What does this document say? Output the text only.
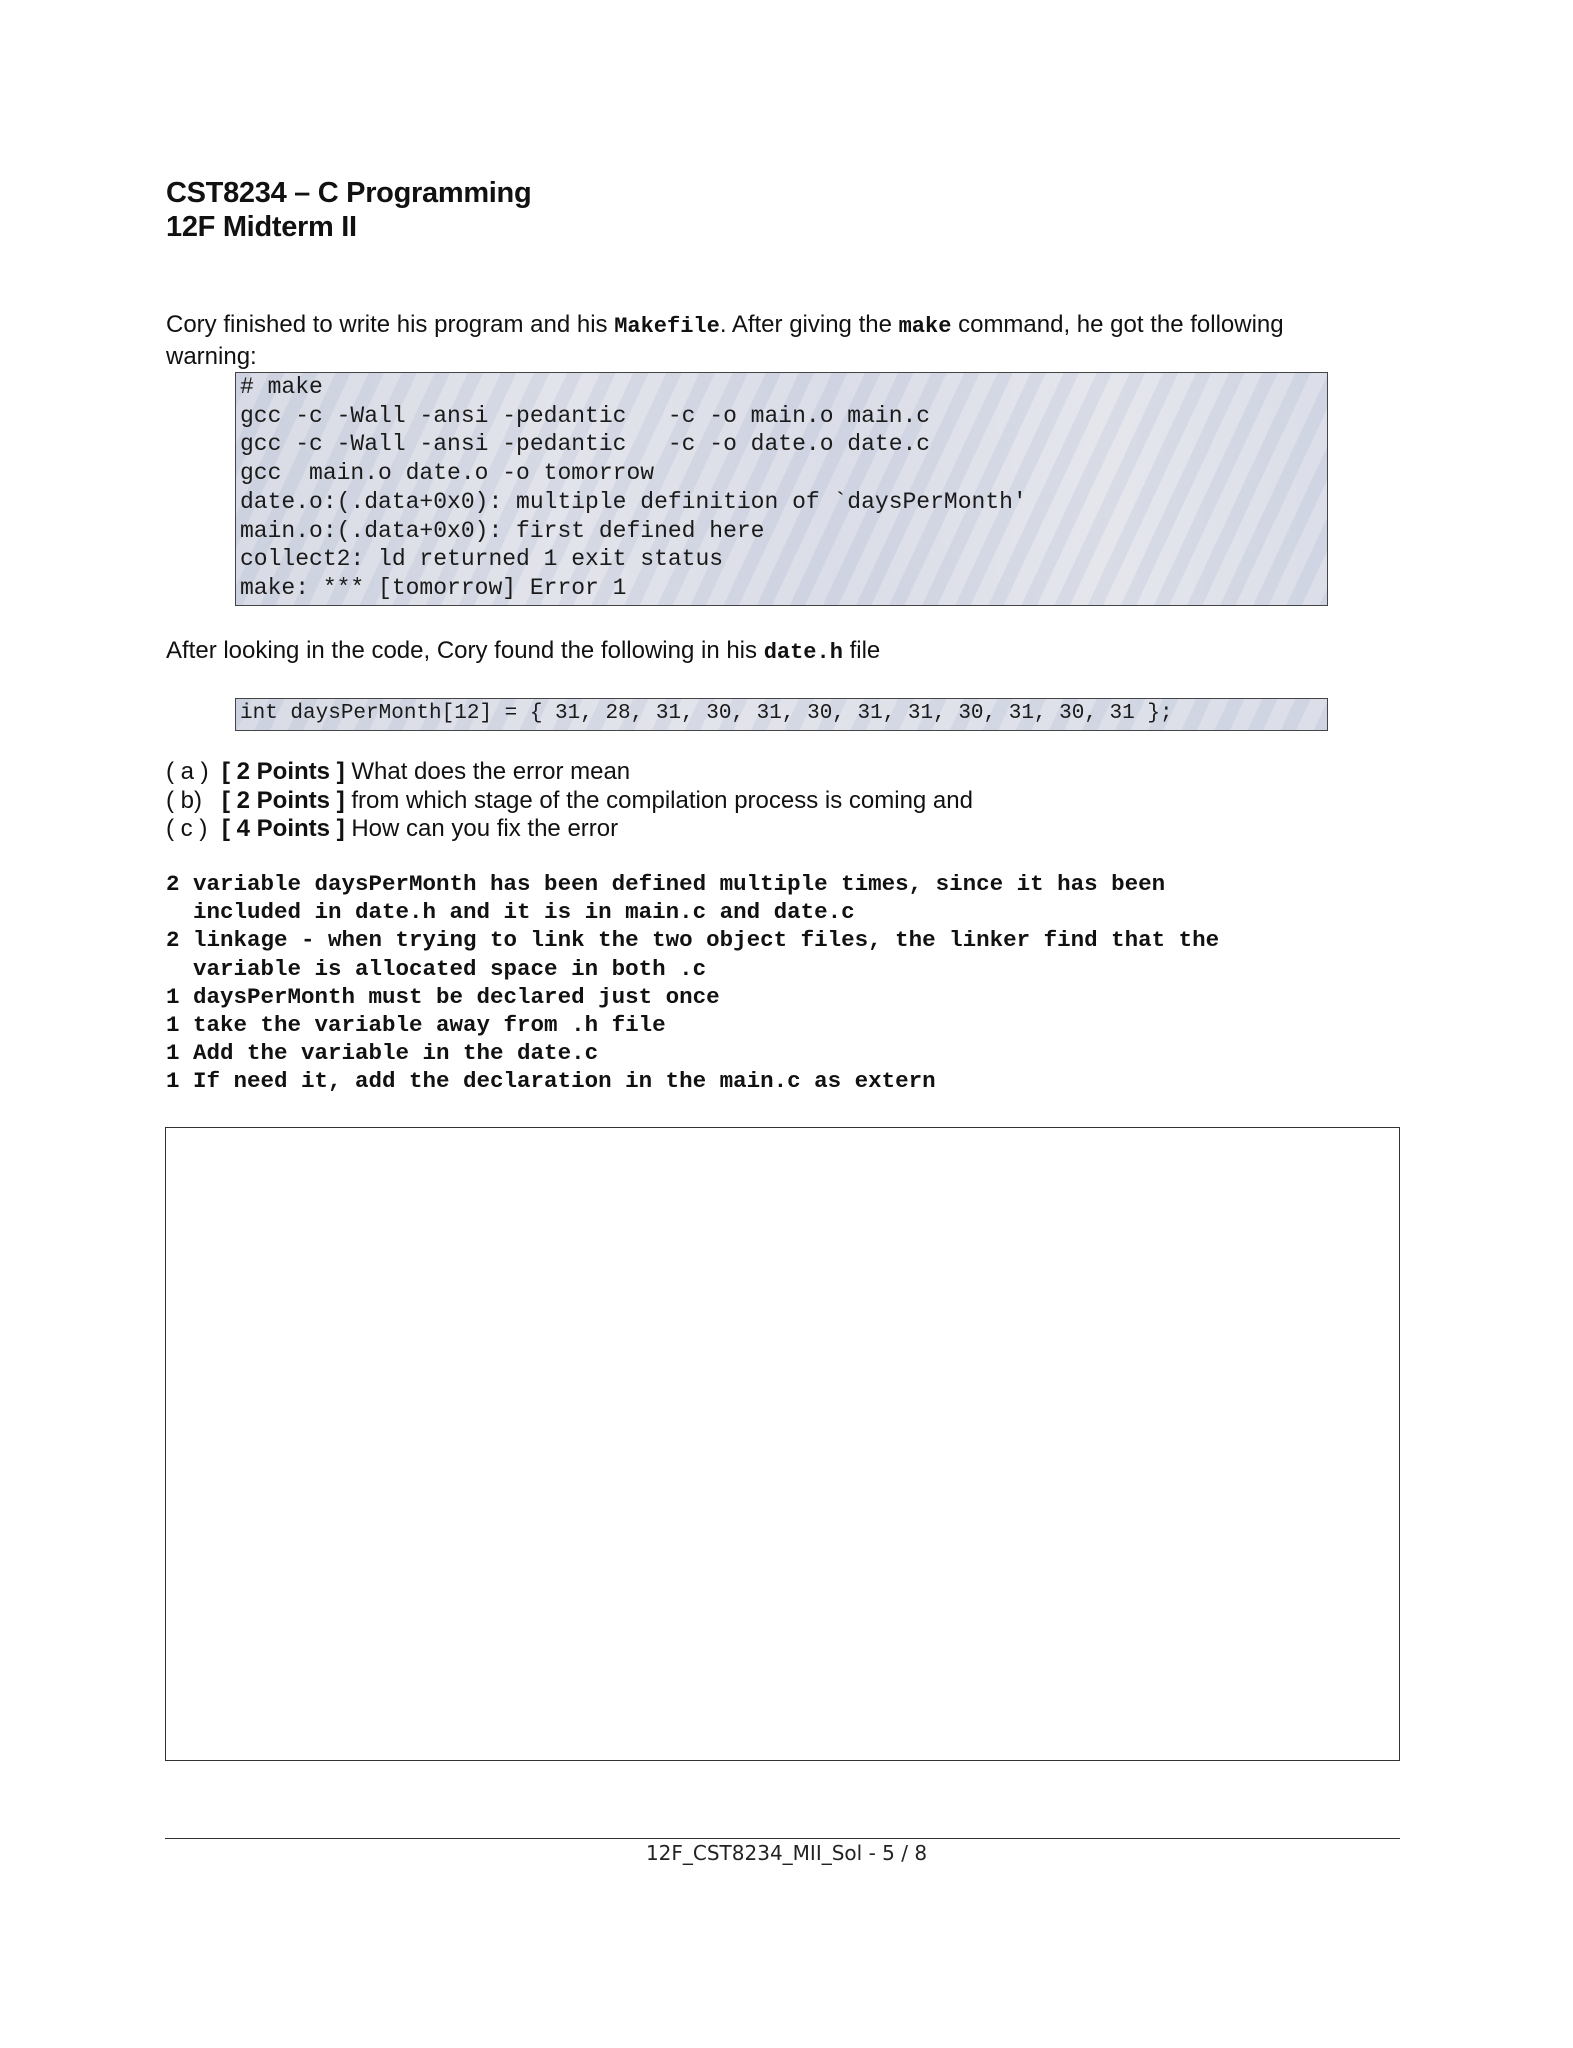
CST8234 – C Programming
12F Midterm II
Cory finished to write his program and his Makefile. After giving the make command, he got the following warning:
# make
gcc -c -Wall -ansi -pedantic   -c -o main.o main.c
gcc -c -Wall -ansi -pedantic   -c -o date.o date.c
gcc  main.o date.o -o tomorrow
date.o:(.data+0x0): multiple definition of `daysPerMonth'
main.o:(.data+0x0): first defined here
collect2: ld returned 1 exit status
make: *** [tomorrow] Error 1
After looking in the code, Cory found the following in his date.h file
int daysPerMonth[12] = { 31, 28, 31, 30, 31, 30, 31, 31, 30, 31, 30, 31 };
( a ) [ 2 Points ] What does the error mean
( b) [ 2 Points ] from which stage of the compilation process is coming and
( c ) [ 4 Points ] How can you fix the error
2 variable daysPerMonth has been defined multiple times, since it has been
included in date.h and it is in main.c and date.c
2 linkage - when trying to link the two object files, the linker find that the
variable is allocated space in both .c
1 daysPerMonth must be declared just once
1 take the variable away from .h file
1 Add the variable in the date.c
1 If need it, add the declaration in the main.c as extern
12F_CST8234_MII_Sol - 5 / 8
